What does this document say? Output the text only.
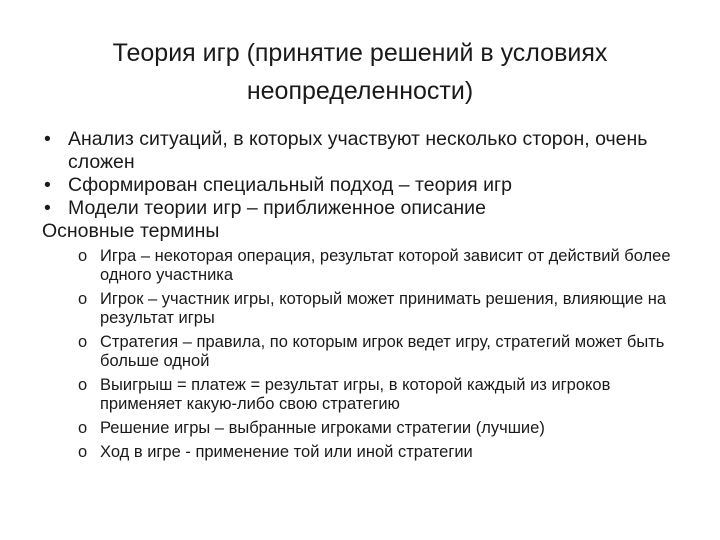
Теория игр (принятие решений в условиях
неопределенности)
• Анализ ситуаций, в которых участвуют несколько сторон, очень сложен
• Сформирован специальный подход – теория игр
• Модели теории игр – приближенное описание

Основные термины

o Игра – некоторая операция, результат которой зависит от действий более одного участника
o Игрок – участник игры, который может принимать решения, влияющие на результат игры
o Стратегия – правила, по которым игрок ведет игру, стратегий может быть больше одной
o Выигрыш = платеж = результат игры, в которой каждый из игроков применяет какую-либо свою стратегию
o Решение игры – выбранные игроками стратегии (лучшие)
o Ход в игре - применение той или иной стратегии
